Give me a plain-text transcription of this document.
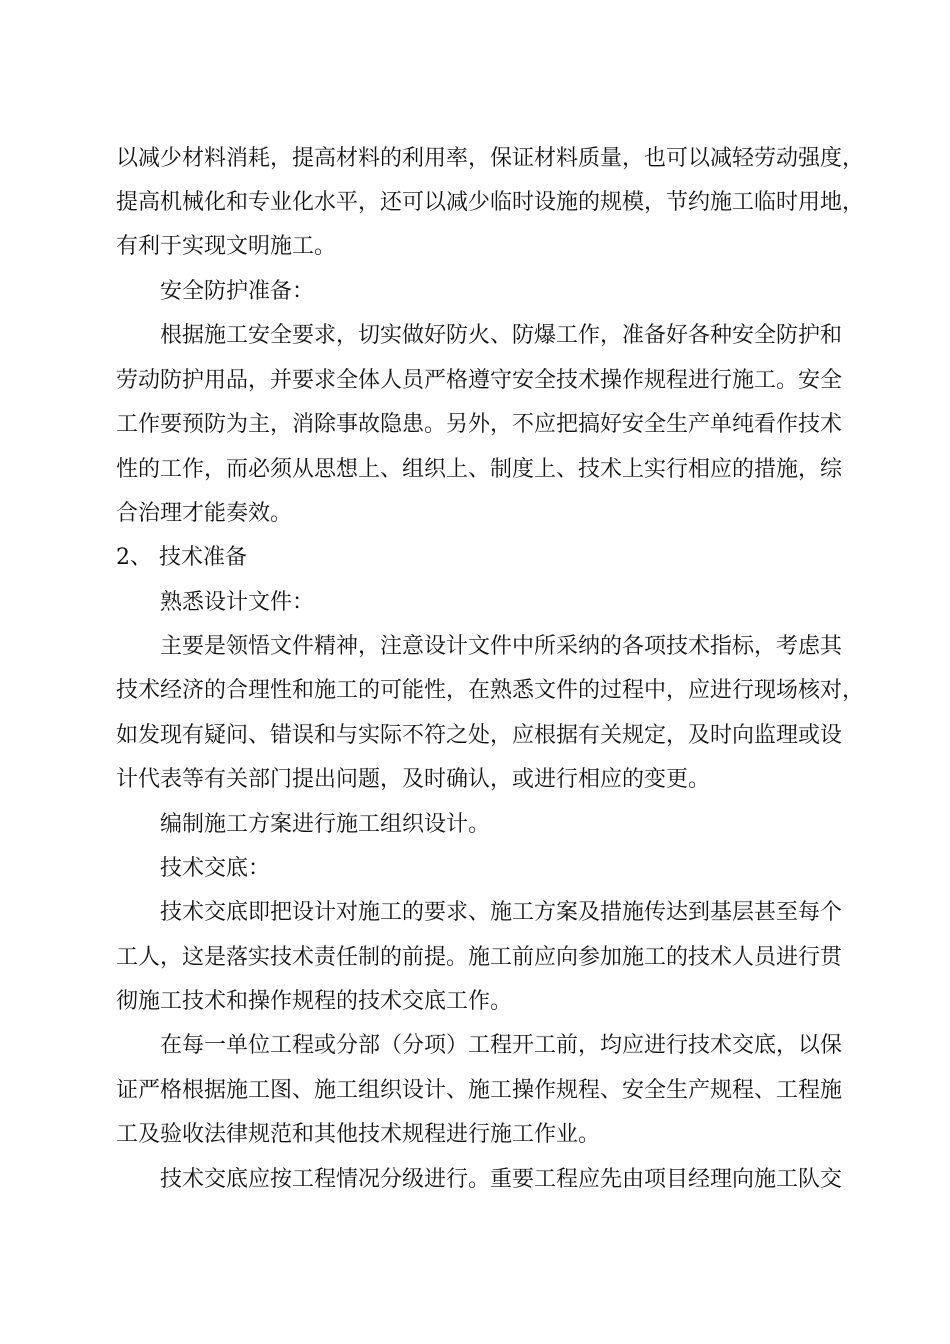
以减少材料消耗，提高材料的利用率，保证材料质量，也可以减轻劳动强度，
提高机械化和专业化水平，还可以减少临时设施的规模，节约施工临时用地，
有利于实现文明施工。
安全防护准备：
根据施工安全要求，切实做好防火、防爆工作，准备好各种安全防护和
劳动防护用品，并要求全体人员严格遵守安全技术操作规程进行施工。安全
工作要预防为主，消除事故隐患。另外，不应把搞好安全生产单纯看作技术
性的工作，而必须从思想上、组织上、制度上、技术上实行相应的措施，综
合治理才能奏效。
2、 技术准备
熟悉设计文件：
主要是领悟文件精神，注意设计文件中所采纳的各项技术指标，考虑其
技术经济的合理性和施工的可能性，在熟悉文件的过程中，应进行现场核对，
如发现有疑问、错误和与实际不符之处，应根据有关规定，及时向监理或设
计代表等有关部门提出问题，及时确认，或进行相应的变更。
编制施工方案进行施工组织设计。
技术交底：
技术交底即把设计对施工的要求、施工方案及措施传达到基层甚至每个
工人，这是落实技术责任制的前提。施工前应向参加施工的技术人员进行贯
彻施工技术和操作规程的技术交底工作。
在每一单位工程或分部（分项）工程开工前，均应进行技术交底，以保
证严格根据施工图、施工组织设计、施工操作规程、安全生产规程、工程施
工及验收法律规范和其他技术规程进行施工作业。
技术交底应按工程情况分级进行。重要工程应先由项目经理向施工队交
